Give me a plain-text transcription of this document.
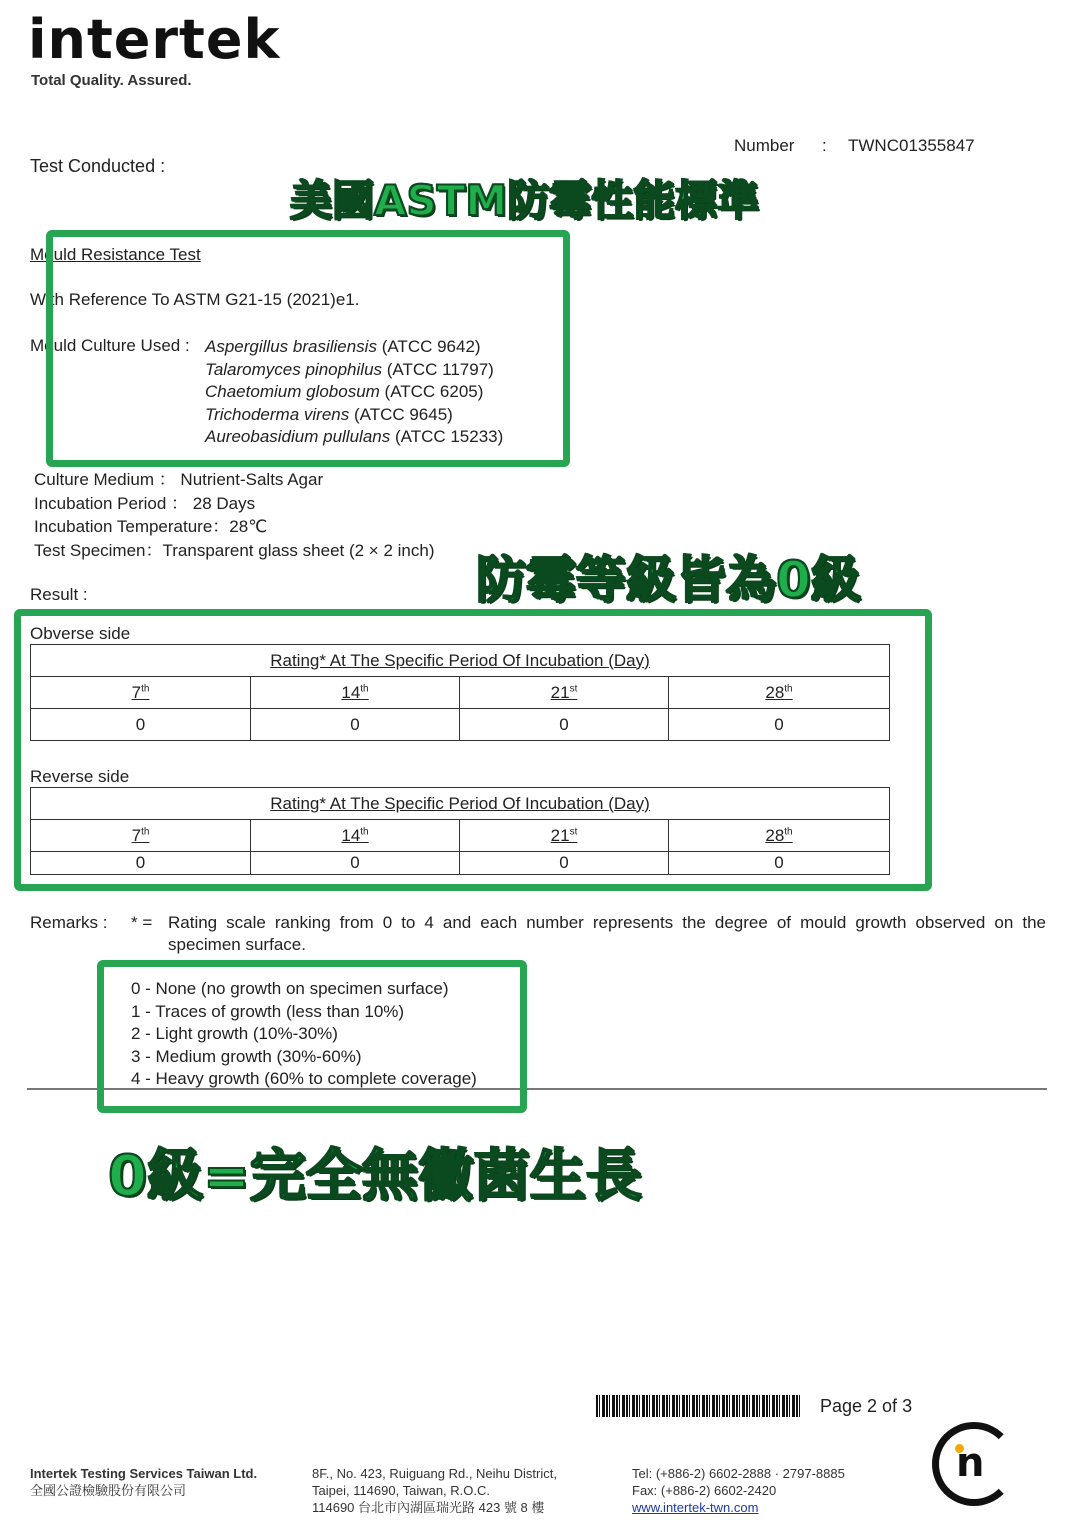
intertek
Total Quality. Assured.
Number : TWNC01355847
Test Conducted :
美國ASTM防霉性能標準
Mould Resistance Test
With Reference To ASTM G21-15 (2021)e1.
Mould Culture Used : Aspergillus brasiliensis (ATCC 9642)
Talaromyces pinophilus (ATCC 11797)
Chaetomium globosum (ATCC 6205)
Trichoderma virens (ATCC 9645)
Aureobasidium pullulans (ATCC 15233)
Culture Medium ： Nutrient-Salts Agar
Incubation Period ： 28 Days
Incubation Temperature：28℃
Test Specimen：Transparent glass sheet (2 × 2 inch)
防霉等級皆為0級
Result :
Obverse side
Rating* At The Specific Period Of Incubation (Day)			
7th	14th	21st	28th
0	0	0	0
Reverse side
Rating* At The Specific Period Of Incubation (Day)			
7th	14th	21st	28th
0	0	0	0
Remarks : * = Rating scale ranking from 0 to 4 and each number represents the degree of mould growth observed on the
specimen surface.
0 - None (no growth on specimen surface)
1 - Traces of growth (less than 10%)
2 - Light growth (10%-30%)
3 - Medium growth (30%-60%)
4 - Heavy growth (60% to complete coverage)
0級=完全無黴菌生長
Page 2 of 3
Intertek Testing Services Taiwan Ltd.
全國公證檢驗股份有限公司
8F., No. 423, Ruiguang Rd., Neihu District,
Taipei, 114690, Taiwan, R.O.C.
114690 台北市內湖區瑞光路 423 號 8 樓
Tel: (+886-2) 6602-2888 · 2797-8885
Fax: (+886-2) 6602-2420
www.intertek-twn.com
n
